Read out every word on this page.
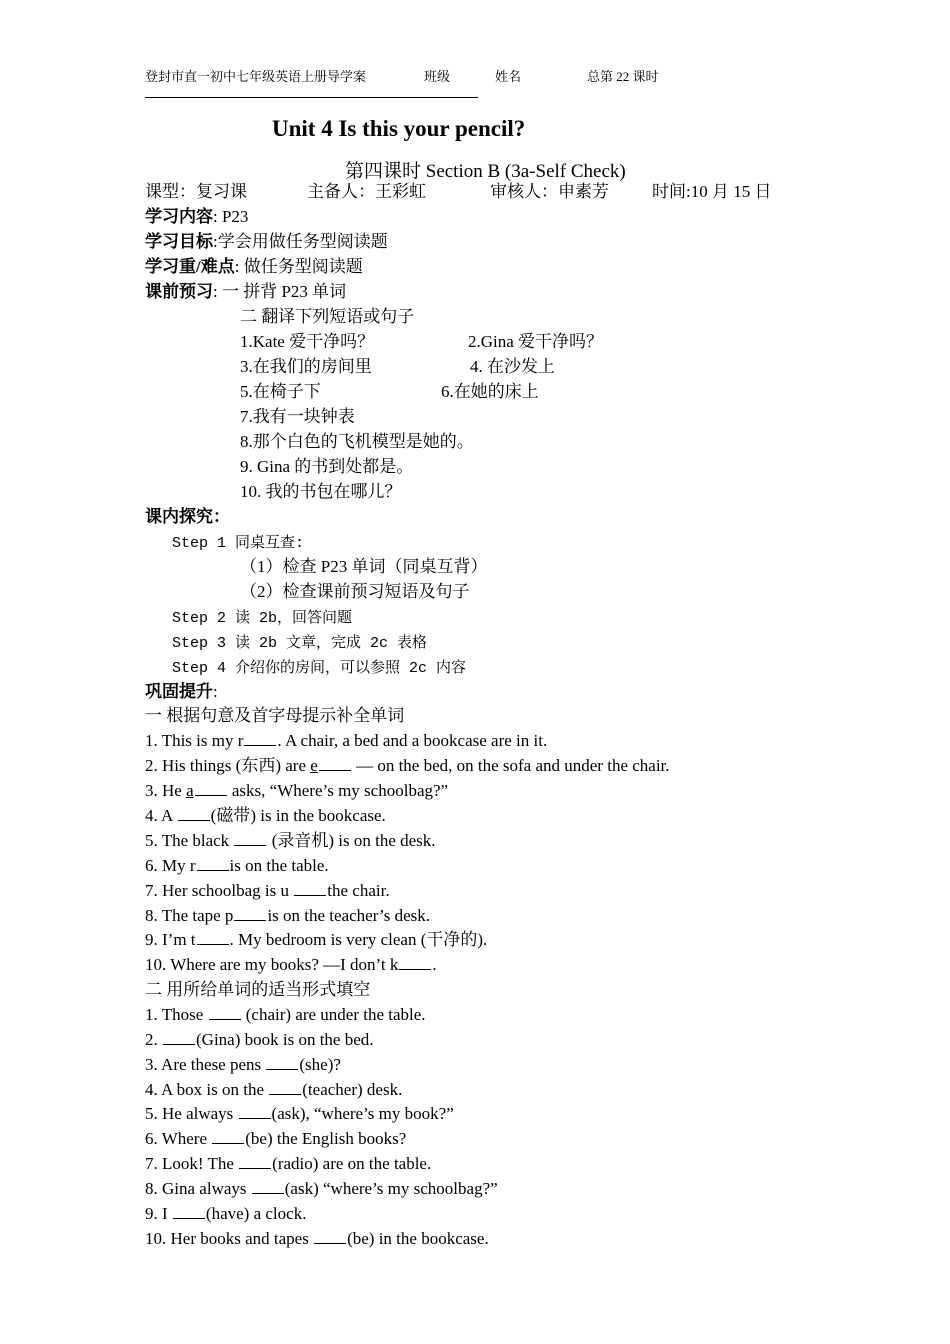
登封市直一初中七年级英语上册导学案	班级	姓名	总第 22 课时
Unit 4 Is this your pencil?
第四课时 Section B (3a-Self Check)
课型：复习课	主备人：王彩虹	审核人：申素芳	时间:10 月 15 日
学习内容: P23
学习目标:学会用做任务型阅读题
学习重/难点: 做任务型阅读题
课前预习: 一 拼背 P23 单词
二 翻译下列短语或句子
1.Kate 爱干净吗？	2.Gina 爱干净吗？
3.在我们的房间里	4. 在沙发上
5.在椅子下	6.在她的床上
7.我有一块钟表
8.那个白色的飞机模型是她的。
9. Gina 的书到处都是。
10. 我的书包在哪儿？
课内探究：
Step 1 同桌互查:
（1）检查 P23 单词（同桌互背）
（2）检查课前预习短语及句子
Step 2 读 2b，回答问题
Step 3 读 2b 文章，完成 2c 表格
Step 4 介绍你的房间，可以参照 2c 内容
巩固提升:
一 根据句意及首字母提示补全单词
1. This is my r . A chair, a bed and a bookcase are in it.
2. His things (东西) are e — on the bed, on the sofa and under the chair.
3. He a asks, “Where’s my schoolbag?”
4. A (磁带) is in the bookcase.
5. The black  (录音机) is on the desk.
6. My r is on the table.
7. Her schoolbag is u the chair.
8. The tape p is on the teacher’s desk.
9. I’m t . My bedroom is very clean (干净的).
10. Where are my books? —I don’t k .
二 用所给单词的适当形式填空
1. Those  (chair) are under the table.
2. (Gina) book is on the bed.
3. Are these pens (she)?
4. A box is on the (teacher) desk.
5. He always (ask), “where’s my book?”
6. Where (be) the English books?
7. Look! The (radio) are on the table.
8. Gina always (ask) “where’s my schoolbag?”
9. I (have) a clock.
10. Her books and tapes (be) in the bookcase.
